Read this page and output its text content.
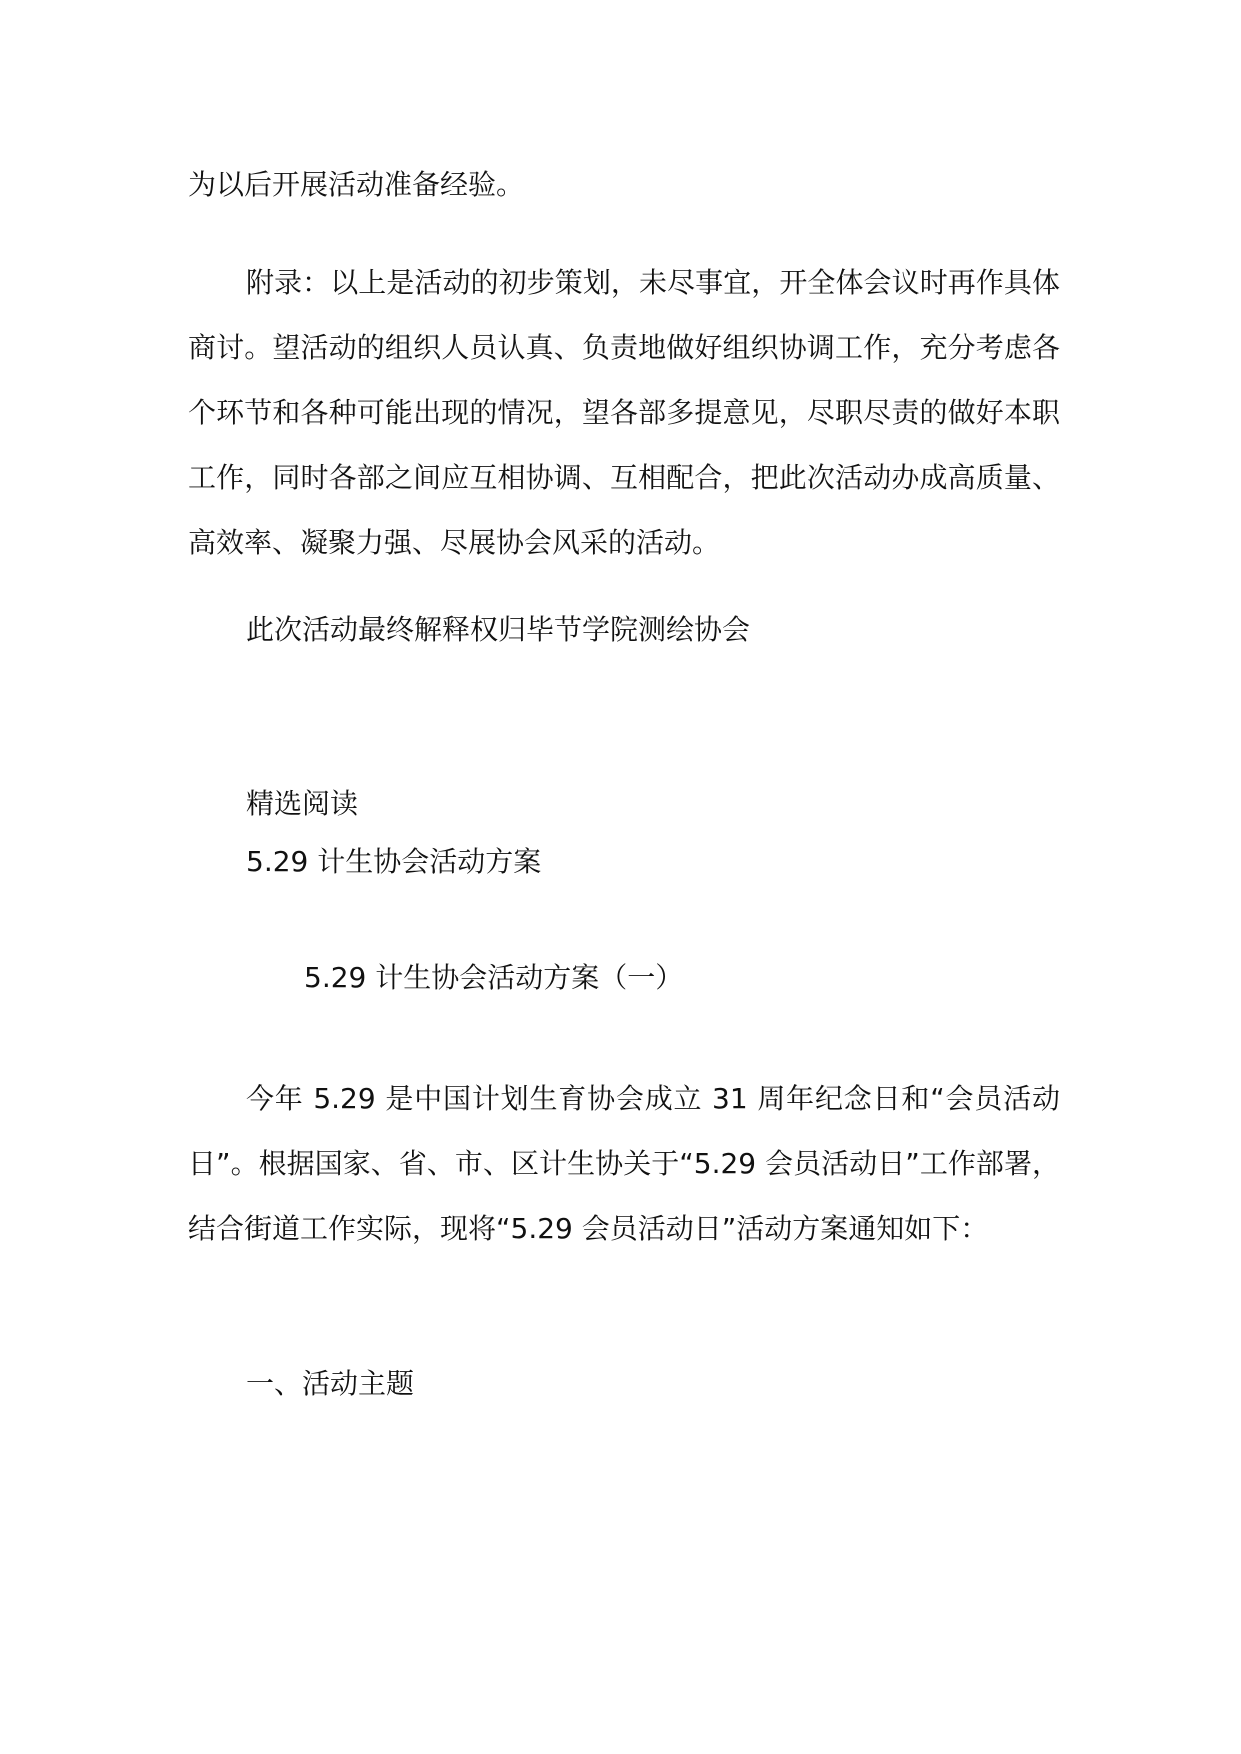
为以后开展活动准备经验。

附录：以上是活动的初步策划，未尽事宜，开全体会议时再作具体商讨。望活动的组织人员认真、负责地做好组织协调工作，充分考虑各个环节和各种可能出现的情况，望各部多提意见，尽职尽责的做好本职工作，同时各部之间应互相协调、互相配合，把此次活动办成高质量、高效率、凝聚力强、尽展协会风采的活动。

此次活动最终解释权归毕节学院测绘协会

精选阅读

5.29 计生协会活动方案

5.29 计生协会活动方案（一）

今年 5.29 是中国计划生育协会成立 31 周年纪念日和“会员活动日”。根据国家、省、市、区计生协关于“5.29 会员活动日”工作部署，结合街道工作实际，现将“5.29 会员活动日”活动方案通知如下：

一、活动主题
